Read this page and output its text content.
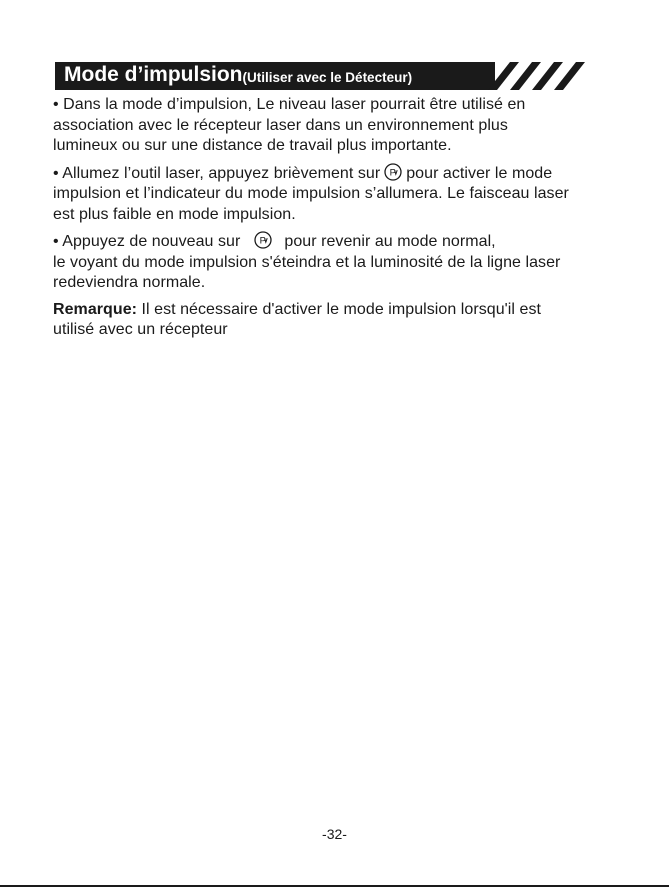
Mode d’impulsion (Utiliser avec le Détecteur)

• Dans la mode d’impulsion, Le niveau laser pourrait être utilisé en
association avec le récepteur laser dans un environnement plus
lumineux ou sur une distance de travail plus importante.

• Allumez l’outil laser, appuyez brièvement sur P pour activer le mode
impulsion et l’indicateur du mode impulsion s’allumera. Le faisceau laser
est plus faible en mode impulsion.

• Appuyez de nouveau sur P pour revenir au mode normal,
le voyant du mode impulsion s'éteindra et la luminosité de la ligne laser
redeviendra normale.

Remarque: Il est nécessaire d'activer le mode impulsion lorsqu'il est
utilisé avec un récepteur

-32-
